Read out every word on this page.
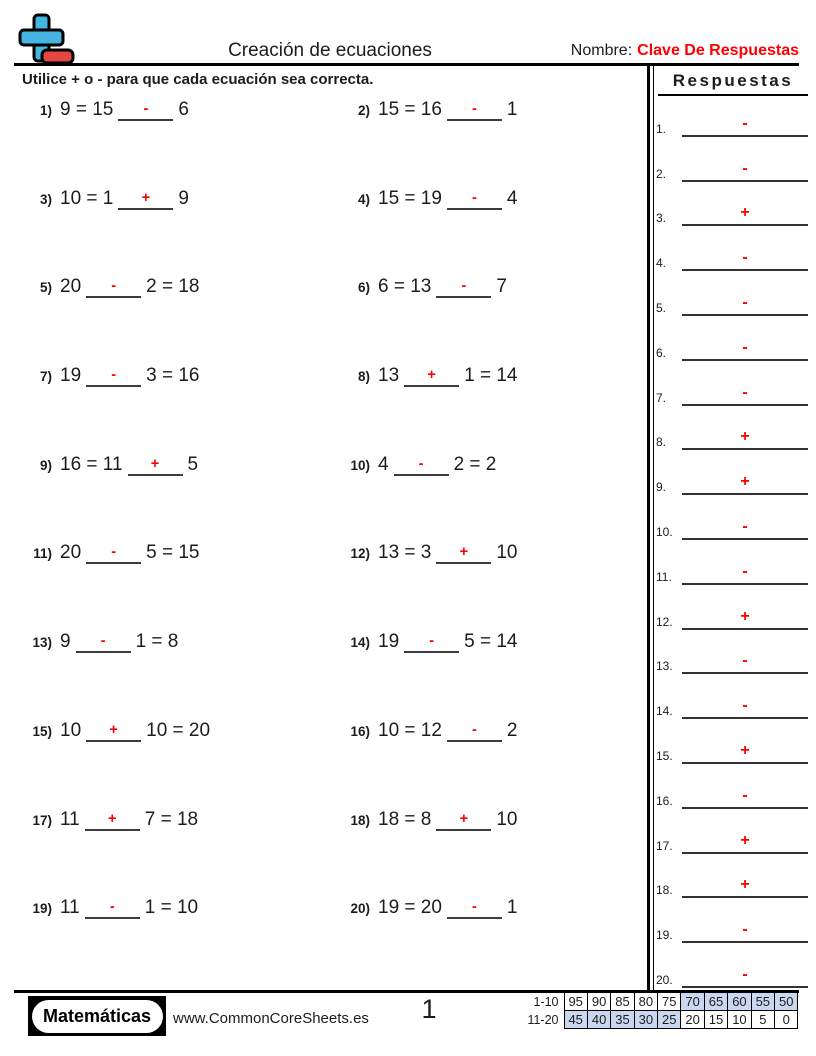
Creación de ecuaciones	Nombre: Clave De Respuestas
Utilice + o - para que cada ecuación sea correcta.
1) 9 = 15	-	6	2) 15 = 16	-	1
3) 10 = 1	+	9	4) 15 = 19	-	4
5) 20	-	2 = 18	6) 6 = 13	-	7
7) 19	-	3 = 16	8) 13	+	1 = 14
9) 16 = 11	+	5	10) 4	-	2 = 2
11) 20	-	5 = 15	12) 13 = 3	+	10
13) 9	-	1 = 8	14) 19	-	5 = 14
15) 10	+	10 = 20	16) 10 = 12	-	2
17) 11	+	7 = 18	18) 18 = 8	+	10
19) 11	-	1 = 10	20) 19 = 20	-	1
Respuestas
1.	-
2.	-
3.	+
4.	-
5.	-
6.	-
7.	-
8.	+
9.	+
10.	-
11.	-
12.	+
13.	-
14.	-
15.	+
16.	-
17.	+
18.	+
19.	-
20.	-
Matemáticas	www.CommonCoreSheets.es	1	1-10	95	90	85	80	75	70	65	60	55	50
11-20	45	40	35	30	25	20	15	10	5	0
